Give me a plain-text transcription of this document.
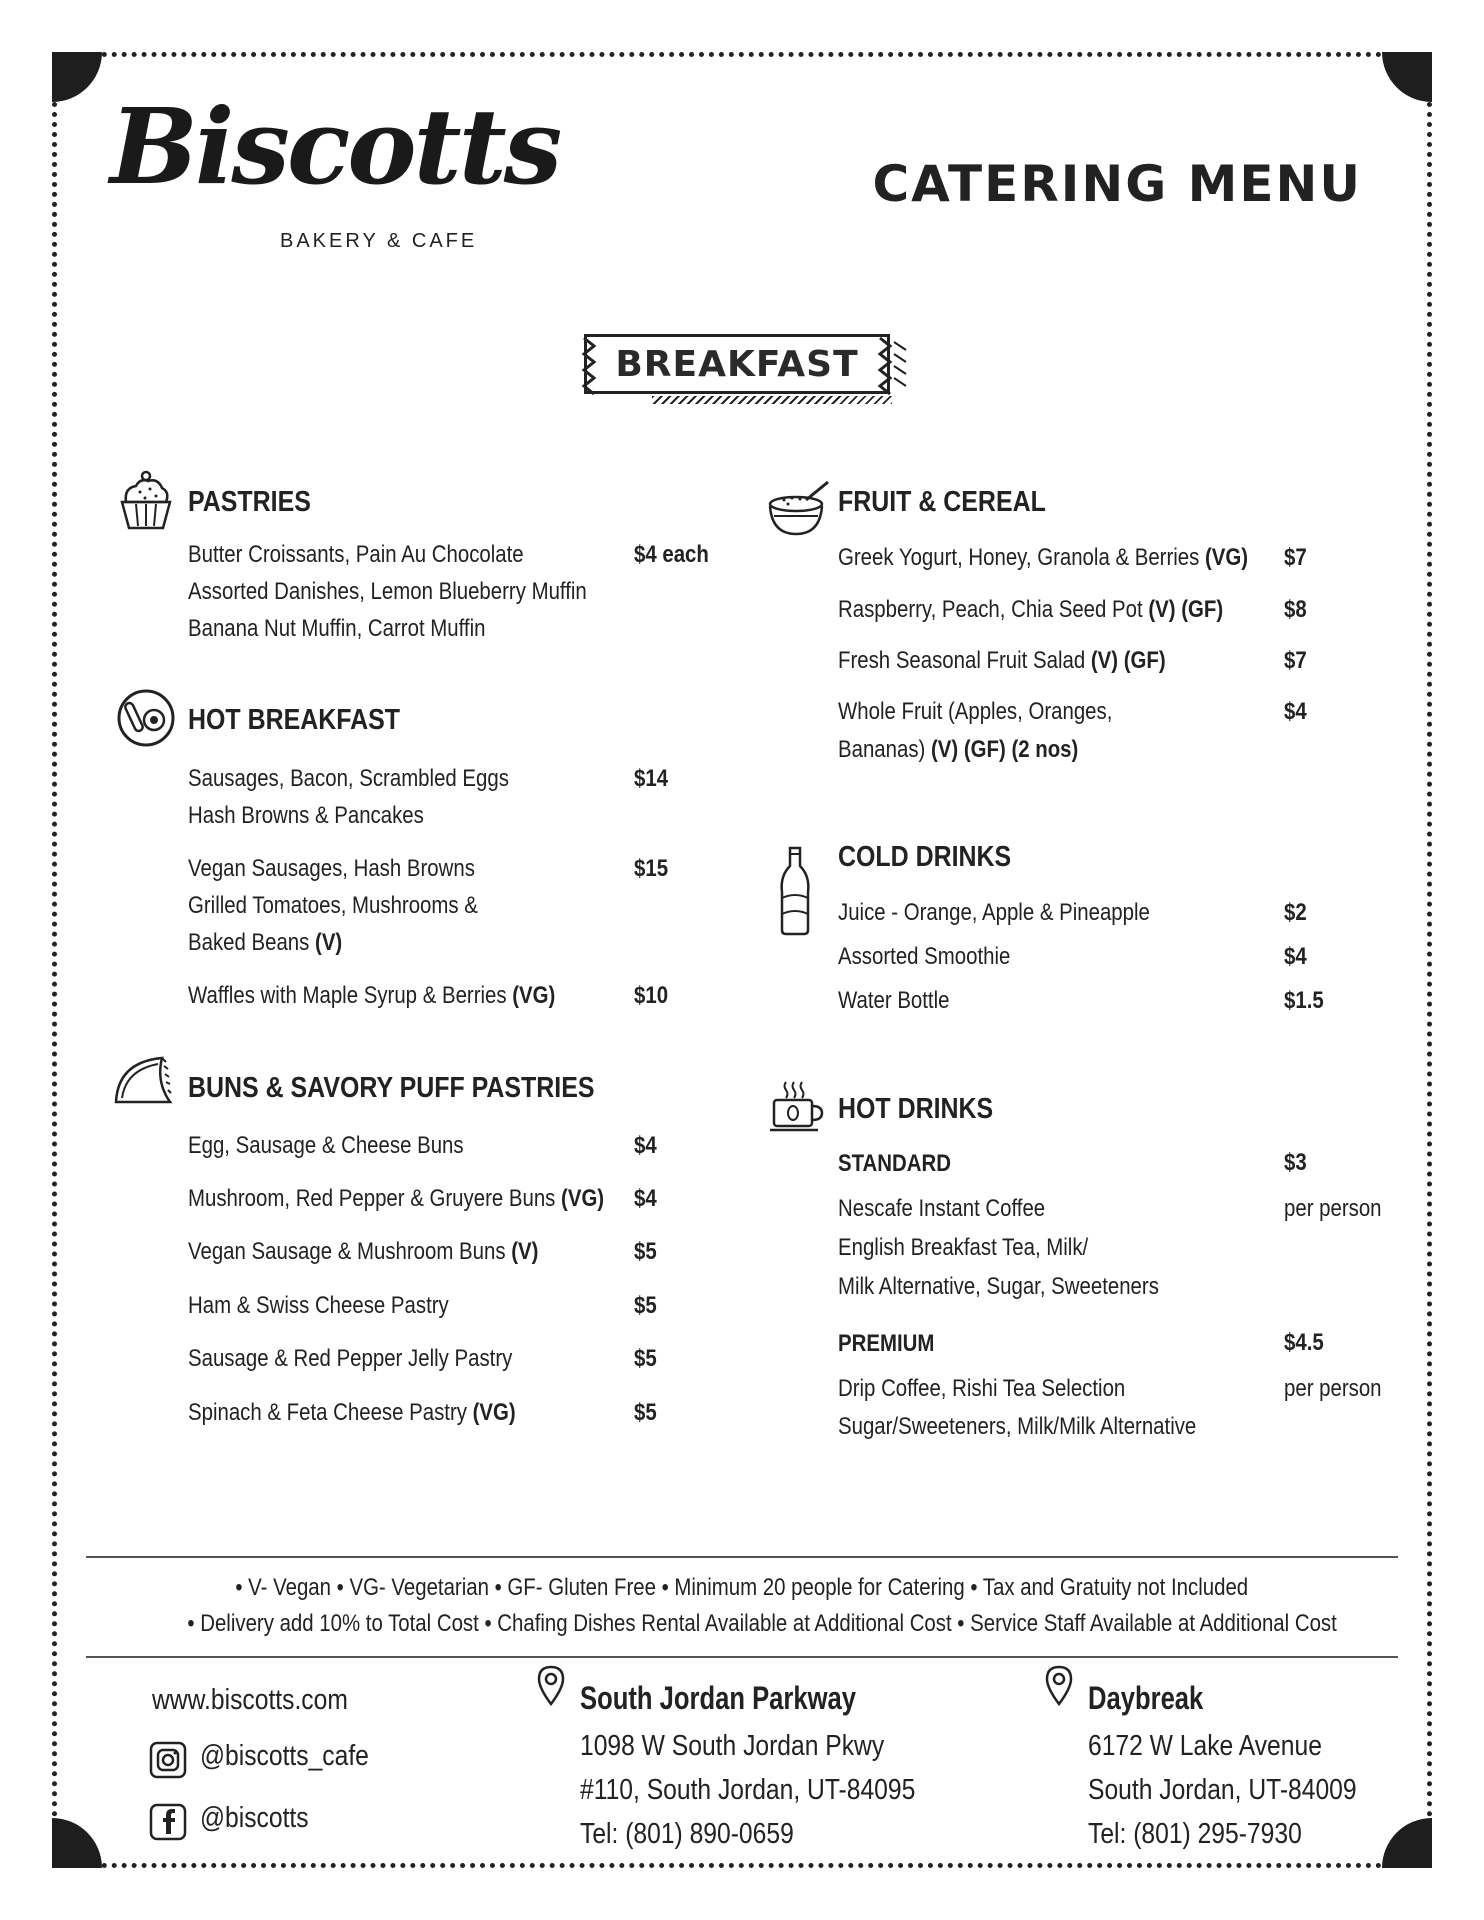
Biscotts
BAKERY & CAFE
CATERING MENU
BREAKFAST
PASTRIES
Butter Croissants, Pain Au Chocolate	$4 each
Assorted Danishes, Lemon Blueberry Muffin
Banana Nut Muffin, Carrot Muffin
HOT BREAKFAST
Sausages, Bacon, Scrambled Eggs	$14
Hash Browns & Pancakes
Vegan Sausages, Hash Browns	$15
Grilled Tomatoes, Mushrooms &
Baked Beans (V)
Waffles with Maple Syrup & Berries (VG)	$10
BUNS & SAVORY PUFF PASTRIES
Egg, Sausage & Cheese Buns	$4
Mushroom, Red Pepper & Gruyere Buns (VG) $4
Vegan Sausage & Mushroom Buns (V)	$5
Ham & Swiss Cheese Pastry	$5
Sausage & Red Pepper Jelly Pastry	$5
Spinach & Feta Cheese Pastry (VG)	$5
FRUIT & CEREAL
Greek Yogurt, Honey, Granola & Berries (VG) $7
Raspberry, Peach, Chia Seed Pot (V) (GF)	$8
Fresh Seasonal Fruit Salad (V) (GF)	$7
Whole Fruit (Apples, Oranges,	$4
Bananas) (V) (GF) (2 nos)
COLD DRINKS
Juice - Orange, Apple & Pineapple	$2
Assorted Smoothie	$4
Water Bottle	$1.5
HOT DRINKS
STANDARD	$3
Nescafe Instant Coffee	per person
English Breakfast Tea, Milk/
Milk Alternative, Sugar, Sweeteners
PREMIUM	$4.5
Drip Coffee, Rishi Tea Selection	per person
Sugar/Sweeteners, Milk/Milk Alternative
• V- Vegan • VG- Vegetarian • GF- Gluten Free • Minimum 20 people for Catering • Tax and Gratuity not Included
• Delivery add 10% to Total Cost • Chafing Dishes Rental Available at Additional Cost • Service Staff Available at Additional Cost
www.biscotts.com
@biscotts_cafe
@biscotts
South Jordan Parkway
1098 W South Jordan Pkwy
#110, South Jordan, UT-84095
Tel: (801) 890-0659
Daybreak
6172 W Lake Avenue
South Jordan, UT-84009
Tel: (801) 295-7930
